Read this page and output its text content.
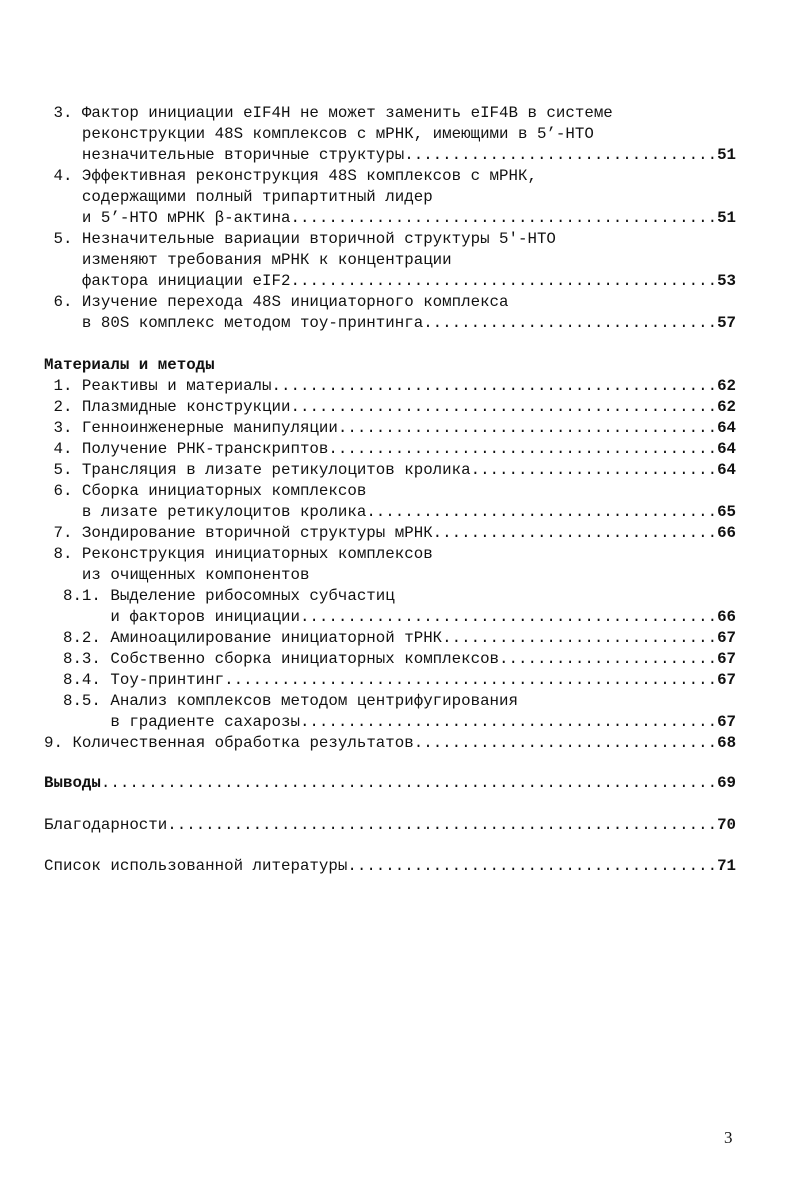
3. Фактор инициации eIF4H не может заменить eIF4B в системе
реконструкции 48S комплексов с мРНК, имеющими в 5’-НТО
незначительные вторичные структуры.................................51
4. Эффективная реконструкция 48S комплексов с мРНК,
содержащими полный трипартитный лидер
и 5’-НТО мРНК β-актина.............................................51
5. Незначительные вариации вторичной структуры 5'-НТО
изменяют требования мРНК к концентрации
фактора инициации eIF2.............................................53
6. Изучение перехода 48S инициаторного комплекса
в 80S комплекс методом тоу-принтинга...............................57
Материалы и методы
1. Реактивы и материалы...............................................62
2. Плазмидные конструкции.............................................62
3. Генноинженерные манипуляции........................................64
4. Получение РНК-транскриптов.........................................64
5. Трансляция в лизате ретикулоцитов кролика..........................64
6. Сборка инициаторных комплексов
в лизате ретикулоцитов кролика.....................................65
7. Зондирование вторичной структуры мРНК..............................66
8. Реконструкция инициаторных комплексов
из очищенных компонентов
8.1. Выделение рибосомных субчастиц
и факторов инициации............................................66
8.2. Аминоацилирование инициаторной тРНК.............................67
8.3. Собственно сборка инициаторных комплексов.......................67
8.4. Тоу-принтинг....................................................67
8.5. Анализ комплексов методом центрифугирования
в градиенте сахарозы............................................67
9. Количественная обработка результатов................................68
Выводы.................................................................69
Благодарности..........................................................70
Список использованной литературы.......................................71
3
